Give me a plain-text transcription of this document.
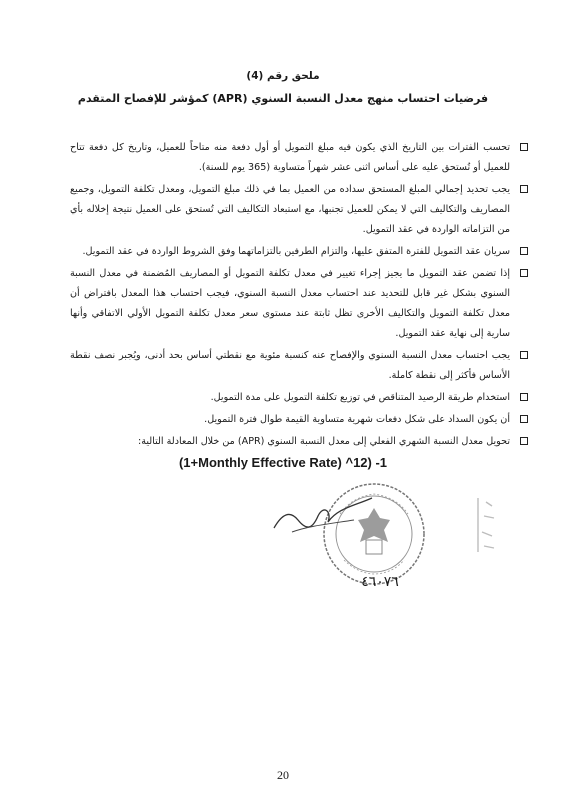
ملحق رقم (4)
فرضيات احتساب منهج معدل النسبة السنوي (APR) كمؤشر للإفصاح المتقدم
تحسب الفترات بين التاريخ الذي يكون فيه مبلغ التمويل أو أول دفعة منه متاحاً للعميل، وتاريخ كل دفعة تتاح للعميل أو تُستحق عليه على أساس اثنى عشر شهراً متساوية (365 يوم للسنة).
يجب تحديد إجمالي المبلغ المستحق سداده من العميل بما في ذلك مبلغ التمويل، ومعدل تكلفة التمويل، وجميع المصاريف والتكاليف التي لا يمكن للعميل تجنبها، مع استبعاد التكاليف التي تُستحق على العميل نتيجة إخلاله بأي من التزاماته الواردة في عقد التمويل.
سريان عقد التمويل للفترة المتفق عليها، والتزام الطرفين بالتزاماتهما وفق الشروط الواردة في عقد التمويل.
إذا تضمن عقد التمويل ما يجيز إجراء تغيير في معدل تكلفة التمويل أو المصاريف المُضمنة في معدل النسبة السنوي بشكل غير قابل للتحديد عند احتساب معدل النسبة السنوي، فيجب احتساب هذا المعدل بافتراض أن معدل تكلفة التمويل والتكاليف الأخرى تظل ثابتة عند مستوى سعر معدل تكلفة التمويل الأولي الاتفاقي وأنها سارية إلى نهاية عقد التمويل.
يجب احتساب معدل النسبة السنوي والإفصاح عنه كنسبة مئوية مع نقطتي أساس بحد أدنى، ويُجبر نصف نقطة الأساس فأكثر إلى نقطة كاملة.
استخدام طريقة الرصيد المتناقص في توزيع تكلفة التمويل على مدة التمويل.
أن يكون السداد على شكل دفعات شهرية متساوية القيمة طوال فترة التمويل.
تحويل معدل النسبة الشهري الفعلي إلى معدل النسبة السنوي (APR) من خلال المعادلة التالية:
(1+Monthly Effective Rate) ^12) -1
٤٦٠٧٦
20
